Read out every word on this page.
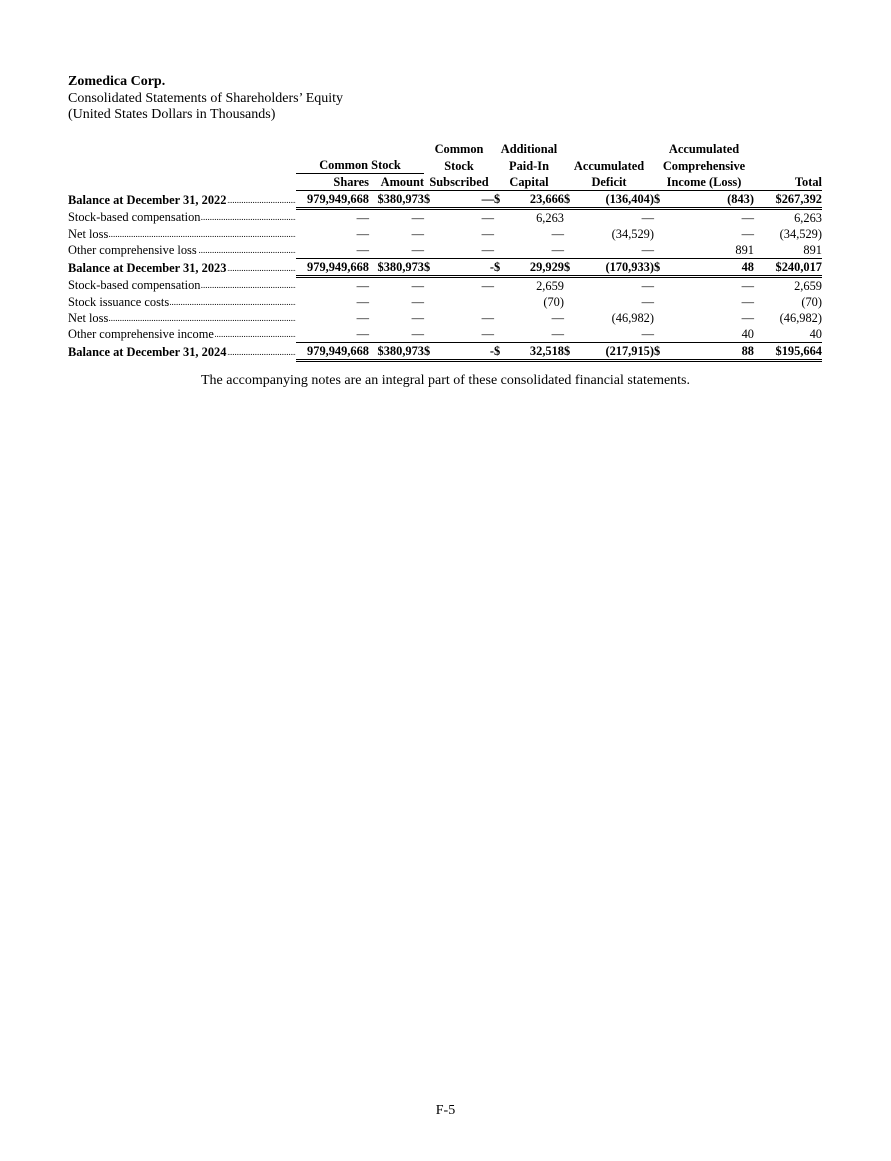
Zomedica Corp.
Consolidated Statements of Shareholders’ Equity
(United States Dollars in Thousands)
			Common		Additional				Accumulated		
	Common Stock		Stock		Paid-In		Accumulated		Comprehensive		
	Shares	Amount	Subscribed		Capital		Deficit		Income (Loss)		Total

Balance at December 31, 2022 .....	979,949,668	$380,973	$	—	$	23,666	$	(136,404)	$	(843)	$267,392

Stock-based compensation .....	—	—		—		6,263		—		—	6,263

Net loss .....	—	—		—		—		(34,529)		—	(34,529)

Other comprehensive loss .....	—	—		—		—		—		891	891

Balance at December 31, 2023 .....	979,949,668	$380,973	$	-	$	29,929	$	(170,933)	$	48	$240,017

Stock-based compensation .....	—	—		—		2,659		—		—	2,659

Stock issuance costs .....	—	—				(70)		—		—	(70)

Net loss .....	—	—		—		—		(46,982)		—	(46,982)

Other comprehensive income .....	—	—		—		—		—		40	40

Balance at December 31, 2024 .....	979,949,668	$380,973	$	-	$	32,518	$	(217,915)	$	88	$195,664
The accompanying notes are an integral part of these consolidated financial statements.
F-5
